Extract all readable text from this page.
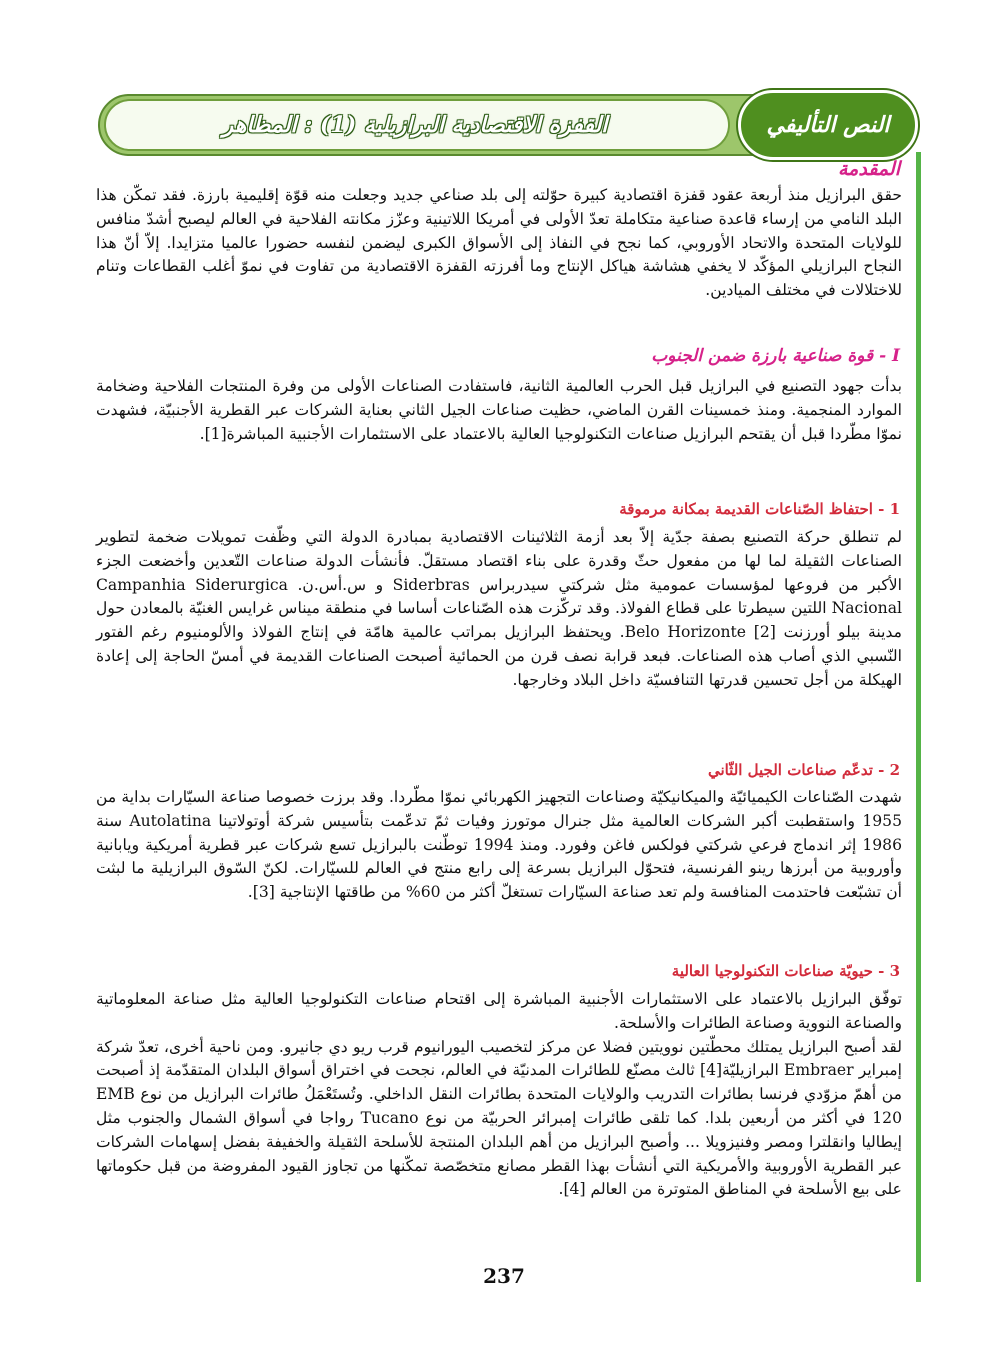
القفزة الاقتصادية البرازيلية (1) : المظاهر	النص التأليفي
المقدمة

حقق البرازيل منذ أربعة عقود قفزة اقتصادية كبيرة حوّلته إلى بلد صناعي جديد وجعلت منه قوّة إقليمية بارزة. فقد تمكّن هذا البلد النامي من إرساء قاعدة صناعية متكاملة تعدّ الأولى في أمريكا اللاتينية وعزّز مكانته الفلاحية في العالم ليصبح أشدّ منافس للولايات المتحدة والاتحاد الأوروبي، كما نجح في النفاذ إلى الأسواق الكبرى ليضمن لنفسه حضورا عالميا متزايدا. إلاّ أنّ هذا النجاح البرازيلي المؤكّد لا يخفي هشاشة هياكل الإنتاج وما أفرزته القفزة الاقتصادية من تفاوت في نموّ أغلب القطاعات وتنام للاختلالات في مختلف الميادين.

I - قوة صناعية بارزة ضمن الجنوب

بدأت جهود التصنيع في البرازيل قبل الحرب العالمية الثانية، فاستفادت الصناعات الأولى من وفرة المنتجات الفلاحية وضخامة الموارد المنجمية. ومنذ خمسينات القرن الماضي، حظيت صناعات الجيل الثاني بعناية الشركات عبر القطرية الأجنبيّة، فشهدت نموّا مطّردا قبل أن يقتحم البرازيل صناعات التكنولوجيا العالية بالاعتماد على الاستثمارات الأجنبية المباشرة[1].

1 - احتفاظ الصّناعات القديمة بمكانة مرموقة

لم تنطلق حركة التصنيع بصفة جدّية إلاّ بعد أزمة الثلاثينات الاقتصادية بمبادرة الدولة التي وظّفت تمويلات ضخمة لتطوير الصناعات الثقيلة لما لها من مفعول حثّ وقدرة على بناء اقتصاد مستقلّ. فأنشأت الدولة صناعات التّعدين وأخضعت الجزء الأكبر من فروعها لمؤسسات عمومية مثل شركتي سيدربراس Siderbras و س.أس.ن. Campanhia Siderurgica Nacional اللتين سيطرتا على قطاع الفولاذ. وقد تركّزت هذه الصّناعات أساسا في منطقة ميناس غرايس الغنيّة بالمعادن حول مدينة بيلو أورزنت Belo Horizonte [2]. ويحتفظ البرازيل بمراتب عالمية هامّة في إنتاج الفولاذ والألومنيوم رغم الفتور النّسبي الذي أصاب هذه الصناعات. فبعد قرابة نصف قرن من الحمائية أصبحت الصناعات القديمة في أمسّ الحاجة إلى إعادة الهيكلة من أجل تحسين قدرتها التنافسيّة داخل البلاد وخارجها.

2 - تدعّم صناعات الجيل الثّاني

شهدت الصّناعات الكيميائيّة والميكانيكيّة وصناعات التجهيز الكهربائي نموّا مطّردا. وقد برزت خصوصا صناعة السيّارات بداية من 1955 واستقطبت أكبر الشركات العالمية مثل جنرال موتورز وفيات ثمّ تدعّمت بتأسيس شركة أوتولاتينا Autolatina سنة 1986 إثر اندماج فرعي شركتي فولكس فاغن وفورد. ومنذ 1994 توطّنت بالبرازيل تسع شركات عبر قطرية أمريكية ويابانية وأوروبية من أبرزها رينو الفرنسية، فتحوّل البرازيل بسرعة إلى رابع منتج في العالم للسيّارات. لكنّ السّوق البرازيلية ما لبثت أن تشبّعت فاحتدمت المنافسة ولم تعد صناعة السيّارات تستغلّ أكثر من 60% من طاقتها الإنتاجية [3].

3 - حيويّة صناعات التكنولوجيا العالية

توفّق البرازيل بالاعتماد على الاستثمارات الأجنبية المباشرة إلى اقتحام صناعات التكنولوجيا العالية مثل صناعة المعلوماتية والصناعة النووية وصناعة الطائرات والأسلحة.

لقد أصبح البرازيل يمتلك محطّتين نوويتين فضلا عن مركز لتخصيب اليورانيوم قرب ريو دي جانيرو. ومن ناحية أخرى، تعدّ شركة إمبراير Embraer البرازيليّة[4] ثالث مصنّع للطائرات المدنيّة في العالم، نجحت في اختراق أسواق البلدان المتقدّمة إذ أصبحت من أهمّ مزوّدي فرنسا بطائرات التدريب والولايات المتحدة بطائرات النقل الداخلي. وتُستَعْمَلُ طائرات البرازيل من نوع EMB 120 في أكثر من أربعين بلدا. كما تلقى طائرات إمبرائر الحربيّة من نوع Tucano رواجا في أسواق الشمال والجنوب مثل إيطاليا وانقلترا ومصر وفنيزويلا ... وأصبح البرازيل من أهم البلدان المنتجة للأسلحة الثقيلة والخفيفة بفضل إسهامات الشركات عبر القطرية الأوروبية والأمريكية التي أنشأت بهذا القطر مصانع متخصّصة تمكّنها من تجاوز القيود المفروضة من قبل حكوماتها على بيع الأسلحة في المناطق المتوترة من العالم [4].

237
